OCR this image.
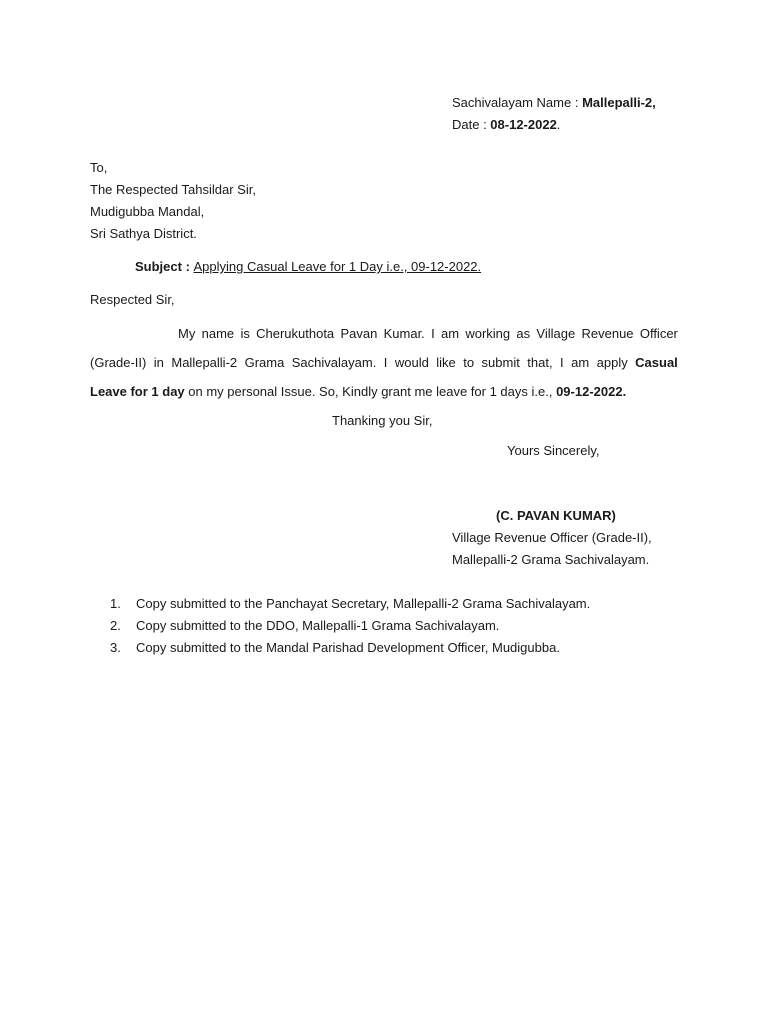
Sachivalayam Name : Mallepalli-2,
Date : 08-12-2022.
To,
The Respected Tahsildar Sir,
Mudigubba Mandal,
Sri Sathya District.
Subject : Applying Casual Leave for 1 Day i.e., 09-12-2022.
Respected Sir,
My name is Cherukuthota Pavan Kumar. I am working as Village Revenue Officer
(Grade-II) in Mallepalli-2 Grama Sachivalayam. I would like to submit that, I am apply Casual
Leave for 1 day on my personal Issue. So, Kindly grant me leave for 1 days i.e., 09-12-2022.
Thanking you Sir,
Yours Sincerely,
(C. PAVAN KUMAR)
Village Revenue Officer (Grade-II),
Mallepalli-2 Grama Sachivalayam.
1. Copy submitted to the Panchayat Secretary, Mallepalli-2 Grama Sachivalayam.
2. Copy submitted to the DDO, Mallepalli-1 Grama Sachivalayam.
3. Copy submitted to the Mandal Parishad Development Officer, Mudigubba.
